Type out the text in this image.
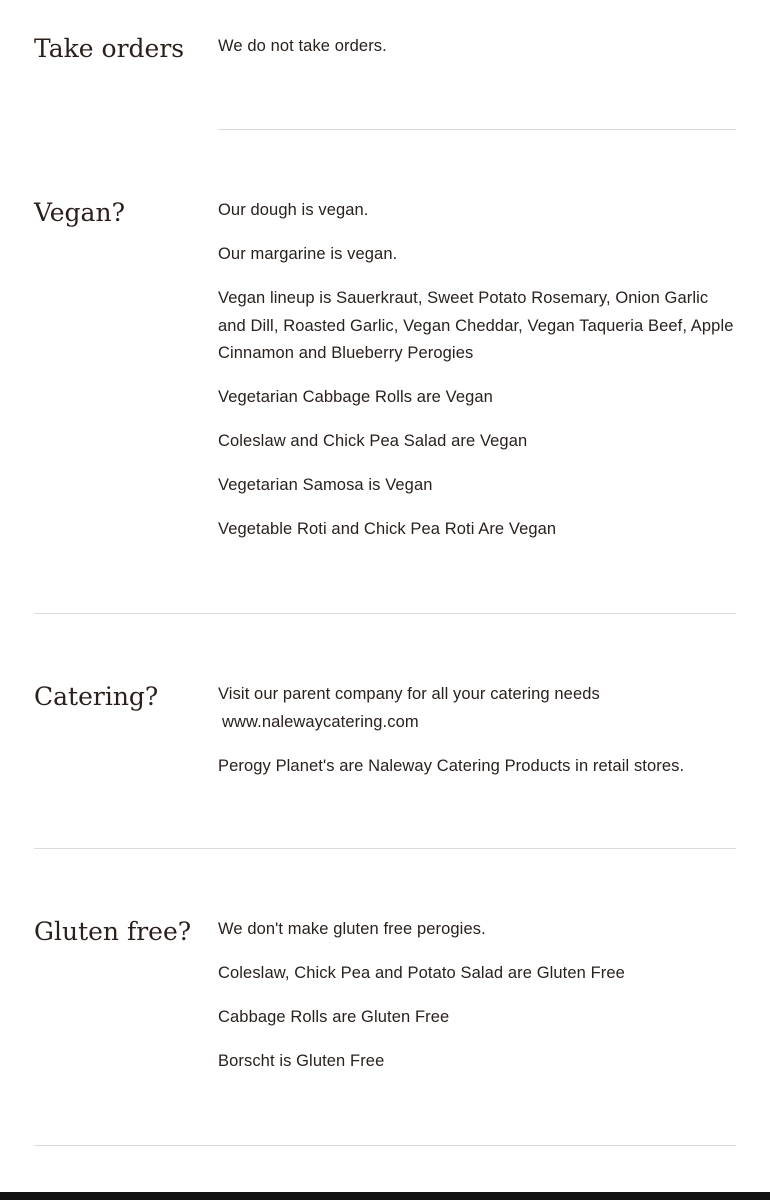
Take orders We do not take orders.

Vegan?	Our dough is vegan.

Our margarine is vegan.

Vegan lineup is Sauerkraut, Sweet Potato Rosemary, Onion Garlic and Dill, Roasted Garlic, Vegan Cheddar, Vegan Taqueria Beef, Apple Cinnamon and Blueberry Perogies

Vegetarian Cabbage Rolls are Vegan

Coleslaw and Chick Pea Salad are Vegan

Vegetarian Samosa is Vegan

Vegetable Roti and Chick Pea Roti Are Vegan

Catering?	Visit our parent company for all your catering needs
www.nalewaycatering.com

Perogy Planet's are Naleway Catering Products in retail stores.

Gluten free? We don't make gluten free perogies.

Coleslaw, Chick Pea and Potato Salad are Gluten Free

Cabbage Rolls are Gluten Free

Borscht is Gluten Free
